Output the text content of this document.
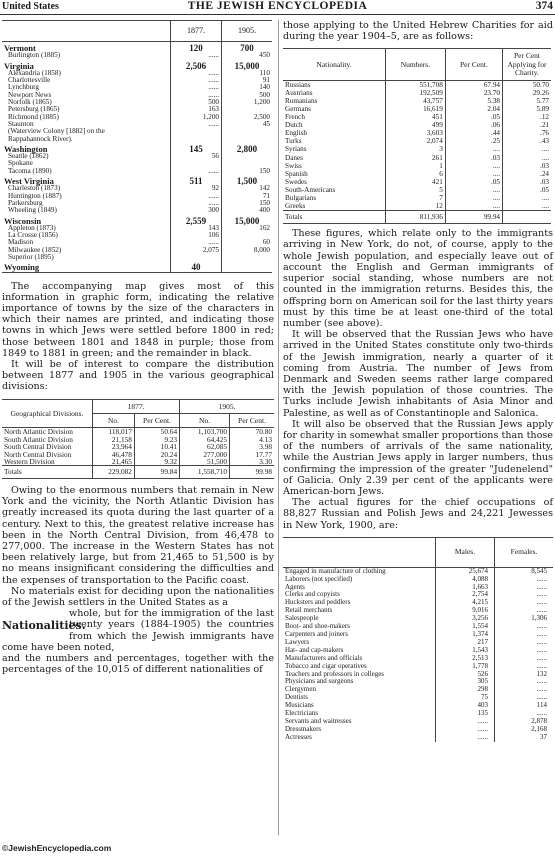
United States	THE JEWISH ENCYCLOPEDIA	374
	1877.	1905.
Vermont	120	700
Burlington (1885)	......	450
Virginia	2,506	15,000
Alexandria (1858)	......	110
Charlottesville	......	91
Lynchburg	......	140
Newport News	......	500
Norfolk (1865)	500	1,200
Petersburg (1865)	163	
Richmond (1885)	1,200	2,500
Staunton	......	45
(Waterview Colony [1882] on the		
Rappahannock River).		
Washington	145	2,800
Seattle (1862)	56	
Spokane		
Tacoma (1890)	......	150
West Virginia	511	1,500
Charleston (1873)	92	142
Huntington (1887)	......	71
Parkersburg	......	150
Wheeling (1849)	300	400
Wisconsin	2,559	15,000
Appleton (1873)	143	162
La Crosse (1856)	106	
Madison	......	60
Milwaukee (1852)	2,075	8,000
Superior (1895)		
Wyoming	40	

The accompanying map gives most of this information in graphic form, indicating the relative importance of towns by the size of the characters in which their names are printed, and indicating those towns in which Jews were settled before 1800 in red; those between 1801 and 1848 in purple; those from 1849 to 1881 in green; and the remainder in black.

It will be of interest to compare the distribution between 1877 and 1905 in the various geographical divisions:

Geographical Divisions.	1877.		1905.	
	No.	Per Cent.	No.	Per Cent.
North Atlantic Division	118,017	50.64	1,103,700	70.80
South Atlantic Division	21,158	9.23	64,425	4.13
South Central Division	23,964	10.41	62,085	3.98
North Central Division	46,478	20.24	277,000	17.77
Western Division	21,465	9.32	51,500	3.30
Totals	229,082	99.84	1,558,710	99.98

Owing to the enormous numbers that remain in New York and the vicinity, the North Atlantic Division has greatly increased its quota during the last quarter of a century. Next to this, the greatest relative increase has been in the North Central Division, from 46,478 to 277,000. The increase in the Western States has not been relatively large, but from 21,465 to 51,500 is by no means insignificant considering the difficulties and the expenses of transportation to the Pacific coast.

No materials exist for deciding upon the nationalities of the Jewish settlers in the United States as a

Nationalities.

whole, but for the immigration of the last twenty years (1884-1905) the countries from which the Jewish immigrants have come have been noted,

and the numbers and percentages, together with the percentages of the 10,015 of different nationalities of

those applying to the United Hebrew Charities for aid during the year 1904–5, are as follows:

Nationality.	Numbers.	Per Cent.	Per Cent Applying for Charity.
Russians	551,708	67.94	50.70
Austrians	192,509	23.70	29.26
Rumanians	43,757	5.38	5.77
Germans	16,619	2.04	5.89
French	451	.05	.12
Dutch	499	.06	.21
English	3,603	.44	.76
Turks	2,074	.25	.43
Syrians	3	....	....
Danes	261	.03	....
Swiss	1	....	.03
Spanish	6	....	.24
Swedes	421	.05	.03
South-Americans	5	....	.05
Bulgarians	7	....	....
Greeks	12	....	....
Totals	811,936	99.94	

These figures, which relate only to the immigrants arriving in New York, do not, of course, apply to the whole Jewish population, and especially leave out of account the English and German immigrants of superior social standing, whose numbers are not counted in the immigration returns. Besides this, the offspring born on American soil for the last thirty years must by this time be at least one-third of the total number (see above).

It will be observed that the Russian Jews who have arrived in the United States constitute only two-thirds of the Jewish immigration, nearly a quarter of it coming from Austria. The number of Jews from Denmark and Sweden seems rather large compared with the Jewish population of those countries. The Turks include Jewish inhabitants of Asia Minor and Palestine, as well as of Constantinople and Salonica.

It will also be observed that the Russian Jews apply for charity in somewhat smaller proportions than those of the numbers of arrivals of the same nationality, while the Austrian Jews apply in larger numbers, thus confirming the impression of the greater "Judenelend" of Galicia. Only 2.39 per cent of the applicants were American-born Jews.

The actual figures for the chief occupations of 88,827 Russian and Polish Jews and 24,221 Jewesses in New York, 1900, are:

	Males.	Females.
Engaged in manufacture of clothing	25,674	8,545
Laborers (not specified)	4,088	......
Agents	1,663	......
Clerks and copyists	2,754	......
Hucksters and peddlers	4,215	......
Retail merchants	9,016	......
Salespeople	3,256	1,306
Boot- and shoe-makers	1,554	......
Carpenters and joiners	1,374	......
Lawyers	217	......
Hat- and cap-makers	1,543	......
Manufacturers and officials	2,513	......
Tobacco and cigar operatives	1,778	......
Teachers and professors in colleges	526	132
Physicians and surgeons	305	......
Clergymen	298	......
Dentists	75	......
Musicians	403	114
Electricians	135	......
Servants and waitresses	......	2,878
Dressmakers	......	2,168
Actresses	......	37
©JewishEncyclopedia.com
